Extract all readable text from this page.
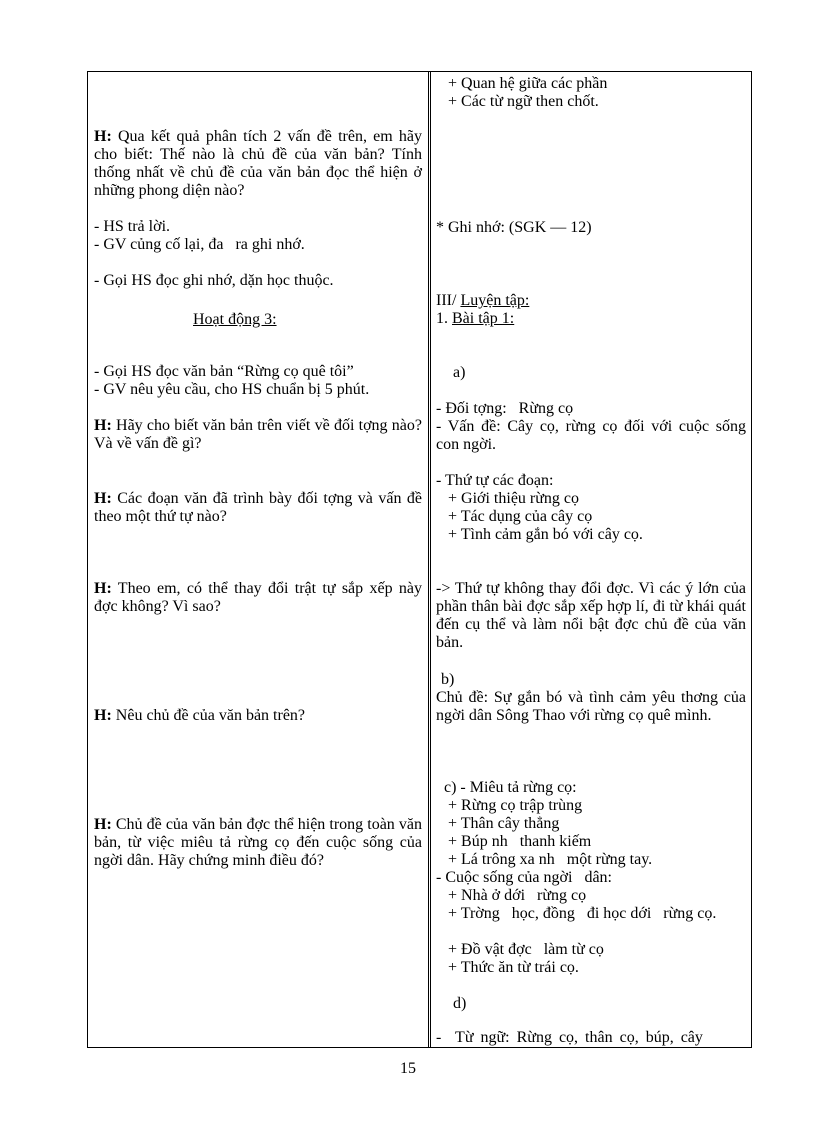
H: Qua kết quả phân tích 2 vấn đề trên, em hãy cho biết: Thế nào là chủ đề của văn bản? Tính thống nhất về chủ đề của văn bản đọc thể hiện ở những phong diện nào?
- HS trả lời.
- GV củng cố lại, đa   ra ghi nhớ.
- Gọi HS đọc ghi nhớ, dặn học thuộc.
Hoạt động 3:
- Gọi HS đọc văn bản “Rừng cọ quê tôi”
- GV nêu yêu cầu, cho HS chuẩn bị 5 phút.
H: Hãy cho biết văn bản trên viết về đối tợng nào? Và về vấn đề gì?
H: Các đoạn văn đã trình bày đối tợng và vấn đề theo một thứ tự nào?
H: Theo em, có thể thay đổi trật tự sắp xếp này đợc không? Vì sao?
H: Nêu chủ đề của văn bản trên?
H: Chủ đề của văn bản đợc thể hiện trong toàn văn bản, từ việc miêu tả rừng cọ đến cuộc sống của ngời dân. Hãy chứng minh điều đó?
+ Quan hệ giữa các phần
+ Các từ ngữ then chốt.
* Ghi nhớ: (SGK — 12)
III/ Luyện tập:
1. Bài tập 1:
a)
- Đối tợng:   Rừng cọ
- Vấn đề: Cây cọ, rừng cọ đối với cuộc sống con ngời.
- Thứ tự các đoạn:
+ Giới thiệu rừng cọ
+ Tác dụng của cây cọ
+ Tình cảm gắn bó với cây cọ.
-> Thứ tự không thay đổi đợc. Vì các ý lớn của phần thân bài đợc sắp xếp hợp lí, đi từ khái quát đến cụ thể và làm nổi bật đợc chủ đề của văn bản.
b)
Chủ đề: Sự gắn bó và tình cảm yêu thơng của ngời dân Sông Thao với rừng cọ quê mình.
c) - Miêu tả rừng cọ:
+ Rừng cọ trập trùng
+ Thân cây thẳng
+ Búp nh   thanh kiếm
+ Lá trông xa nh   một rừng tay.
- Cuộc sống của ngời   dân:
+ Nhà ở dới   rừng cọ
+ Trờng   học, đồng   đi học dới   rừng cọ.
+ Đồ vật đợc   làm từ cọ
+ Thức ăn từ trái cọ.
d)
-  Từ ngữ: Rừng cọ, thân cọ, búp, cây
15
